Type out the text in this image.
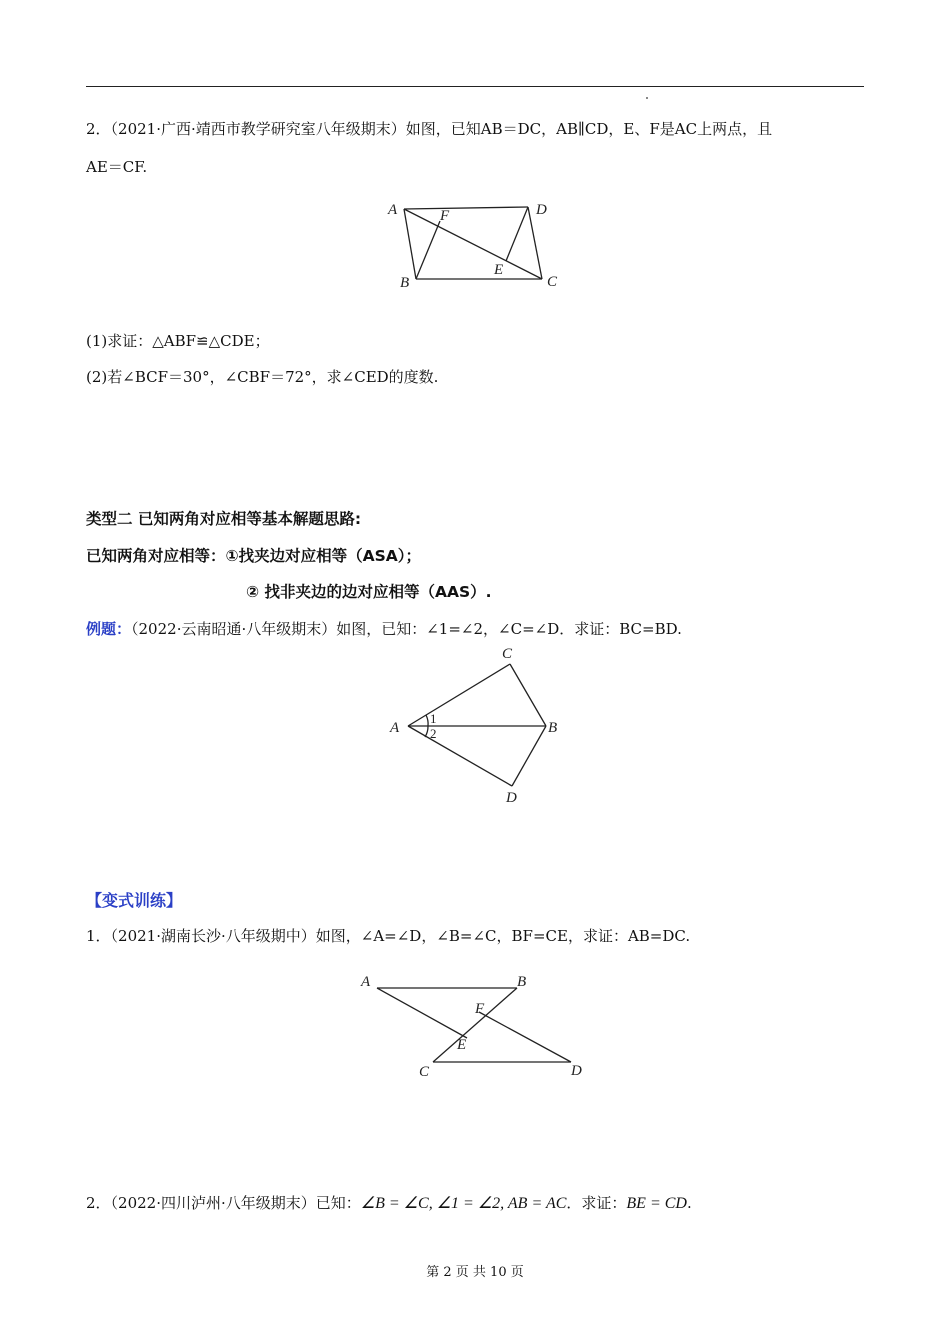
2．（2021·广西·靖西市教学研究室八年级期末）如图，已知AB＝DC，AB∥CD，E、F是AC上两点，且
AE＝CF.
A	F	D
B
E
C
(1)求证：△ABF≌△CDE；
(2)若∠BCF＝30°，∠CBF＝72°，求∠CED的度数.
类型二 已知两角对应相等基本解题思路:
已知两角对应相等：①找夹边对应相等（ASA）；
② 找非夹边的边对应相等（AAS）.
例题：（2022·云南昭通·八年级期末）如图，已知：∠1=∠2，∠C=∠D．求证：BC=BD.
A
C
B
D
1
2
【变式训练】
1．（2021·湖南长沙·八年级期中）如图，∠A=∠D，∠B=∠C，BF=CE，求证：AB=DC.
A	B
F
E
C	D
2．（2022·四川泸州·八年级期末）已知：∠B = ∠C, ∠1 = ∠2, AB = AC．求证：BE = CD.
第 2 页 共 10 页
